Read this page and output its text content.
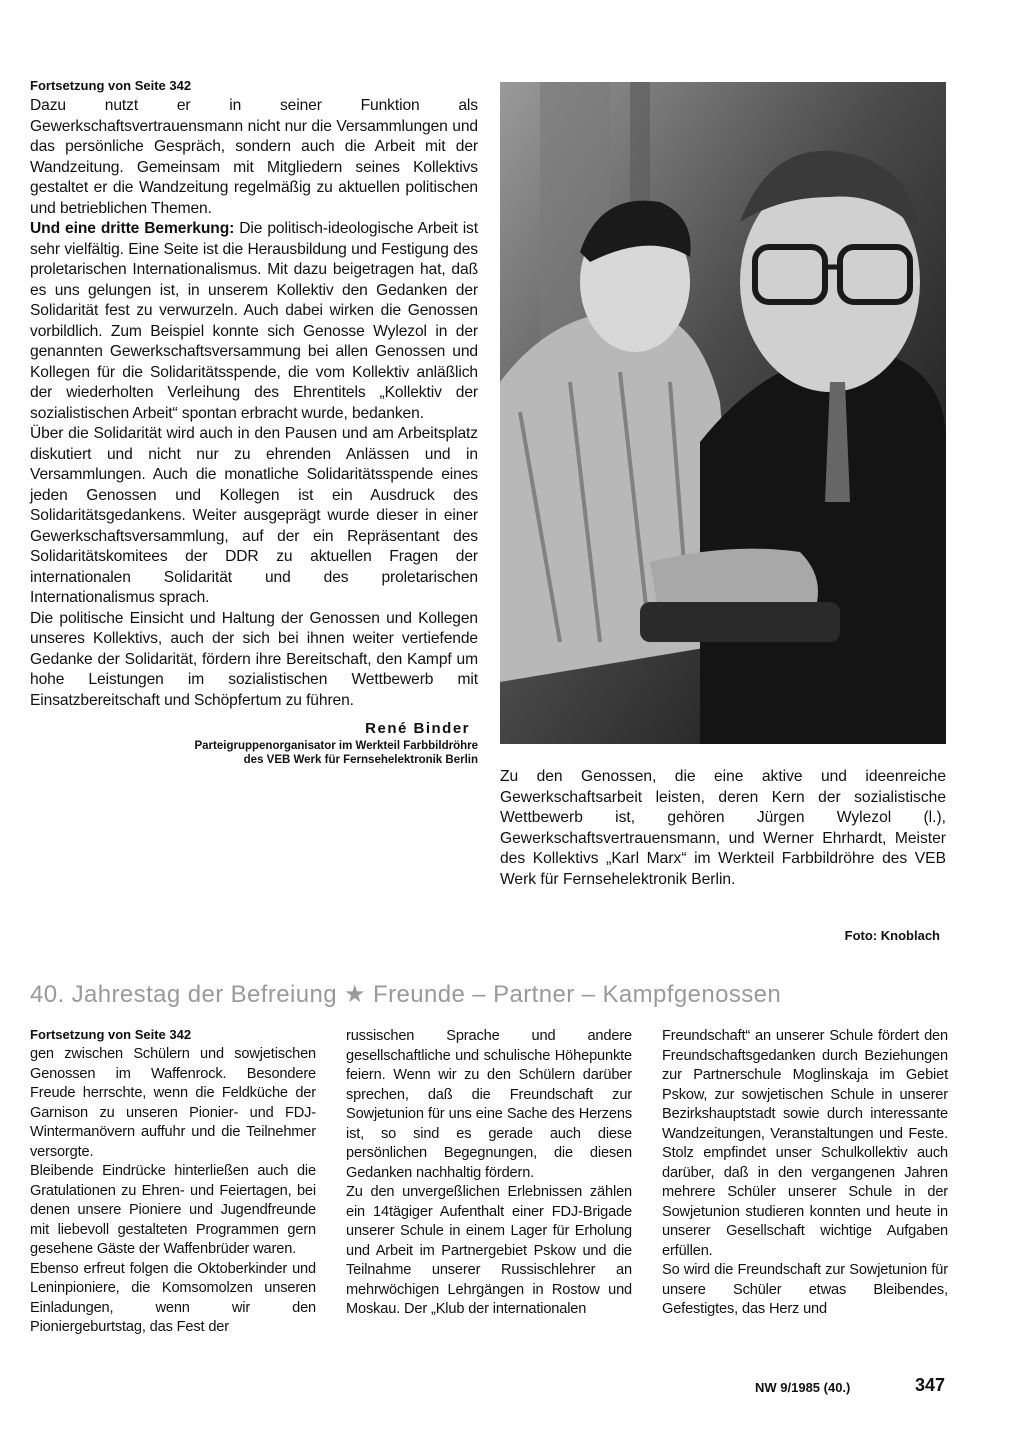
Fortsetzung von Seite 342

Dazu nutzt er in seiner Funktion als Gewerkschaftsvertrauensmann nicht nur die Versammlungen und das persönliche Gespräch, sondern auch die Arbeit mit der Wandzeitung. Gemeinsam mit Mitgliedern seines Kollektivs gestaltet er die Wandzeitung regelmäßig zu aktuellen politischen und betrieblichen Themen.

Und eine dritte Bemerkung: Die politisch-ideologische Arbeit ist sehr vielfältig. Eine Seite ist die Herausbildung und Festigung des proletarischen Internationalismus. Mit dazu beigetragen hat, daß es uns gelungen ist, in unserem Kollektiv den Gedanken der Solidarität fest zu verwurzeln. Auch dabei wirken die Genossen vorbildlich. Zum Beispiel konnte sich Genosse Wylezol in der genannten Gewerkschaftsversammung bei allen Genossen und Kollegen für die Solidaritätsspende, die vom Kollektiv anläßlich der wiederholten Verleihung des Ehrentitels „Kollektiv der sozialistischen Arbeit“ spontan erbracht wurde, bedanken.

Über die Solidarität wird auch in den Pausen und am Arbeitsplatz diskutiert und nicht nur zu ehrenden Anlässen und in Versammlungen. Auch die monatliche Solidaritätsspende eines jeden Genossen und Kollegen ist ein Ausdruck des Solidaritätsgedankens. Weiter ausgeprägt wurde dieser in einer Gewerkschaftsversammlung, auf der ein Repräsentant des Solidaritätskomitees der DDR zu aktuellen Fragen der internationalen Solidarität und des proletarischen Internationalismus sprach.

Die politische Einsicht und Haltung der Genossen und Kollegen unseres Kollektivs, auch der sich bei ihnen weiter vertiefende Gedanke der Solidarität, fördern ihre Bereitschaft, den Kampf um hohe Leistungen im sozialistischen Wettbewerb mit Einsatzbereitschaft und Schöpfertum zu führen.

René Binder
Parteigruppenorganisator im Werkteil Farbbildröhre
des VEB Werk für Fernsehelektronik Berlin
Zu den Genossen, die eine aktive und ideenreiche Gewerkschaftsarbeit leisten, deren Kern der sozialistische Wettbewerb ist, gehören Jürgen Wylezol (l.), Gewerkschaftsvertrauensmann, und Werner Ehrhardt, Meister des Kollektivs „Karl Marx“ im Werkteil Farbbildröhre des VEB Werk für Fernsehelektronik Berlin.
Foto: Knoblach
40. Jahrestag der Befreiung ★ Freunde – Partner – Kampfgenossen
Fortsetzung von Seite 342

gen zwischen Schülern und sowjetischen Genossen im Waffenrock. Besondere Freude herrschte, wenn die Feldküche der Garnison zu unseren Pionier- und FDJ-Wintermanövern auffuhr und die Teilnehmer versorgte.

Bleibende Eindrücke hinterließen auch die Gratulationen zu Ehren- und Feiertagen, bei denen unsere Pioniere und Jugendfreunde mit liebevoll gestalteten Programmen gern gesehene Gäste der Waffenbrüder waren.

Ebenso erfreut folgen die Oktoberkinder und Leninpioniere, die Komsomolzen unseren Einladungen, wenn wir den Pioniergeburtstag, das Fest der

russischen Sprache und andere gesellschaftliche und schulische Höhepunkte feiern. Wenn wir zu den Schülern darüber sprechen, daß die Freundschaft zur Sowjetunion für uns eine Sache des Herzens ist, so sind es gerade auch diese persönlichen Begegnungen, die diesen Gedanken nachhaltig fördern.

Zu den unvergeßlichen Erlebnissen zählen ein 14tägiger Aufenthalt einer FDJ-Brigade unserer Schule in einem Lager für Erholung und Arbeit im Partnergebiet Pskow und die Teilnahme unserer Russischlehrer an mehrwöchigen Lehrgängen in Rostow und Moskau. Der „Klub der internationalen

Freundschaft“ an unserer Schule fördert den Freundschaftsgedanken durch Beziehungen zur Partnerschule Moglinskaja im Gebiet Pskow, zur sowjetischen Schule in unserer Bezirkshauptstadt sowie durch interessante Wandzeitungen, Veranstaltungen und Feste. Stolz empfindet unser Schulkollektiv auch darüber, daß in den vergangenen Jahren mehrere Schüler unserer Schule in der Sowjetunion studieren konnten und heute in unserer Gesellschaft wichtige Aufgaben erfüllen.

So wird die Freundschaft zur Sowjetunion für unsere Schüler etwas Bleibendes, Gefestigtes, das Herz und

NW 9/1985 (40.)	347
